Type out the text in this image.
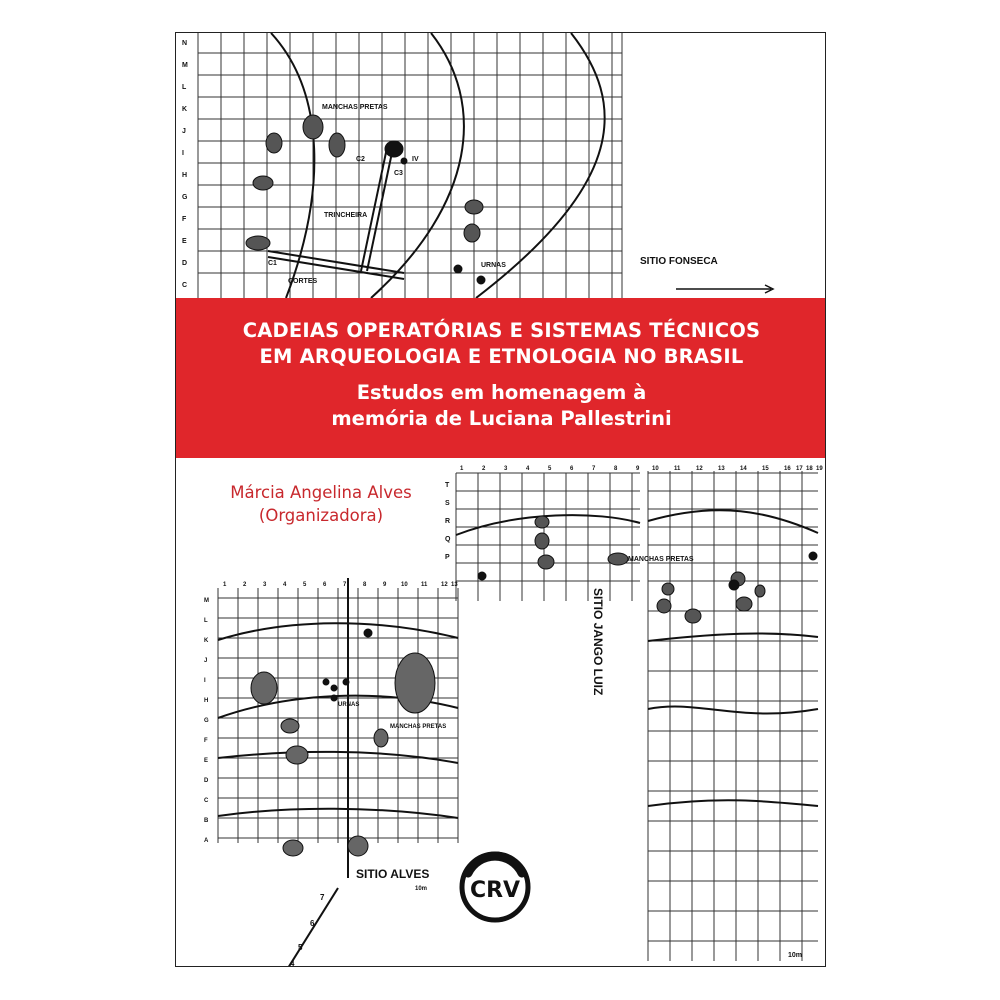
MANCHAS PRETAS
TRINCHEIRA
URNAS
CORTES
C2
C3
C1
IV
N
M
L
K
J
I
H
G
F
E
D
C
SITIO FONSECA
CADEIAS OPERATÓRIAS E SISTEMAS TÉCNICOS
EM ARQUEOLOGIA E ETNOLOGIA NO BRASIL
Estudos em homenagem à
memória de Luciana Pallestrini
Márcia Angelina Alves
(Organizadora)
MANCHAS PRETAS
10m
T
S
R
Q
P
1	2	3	4	5	6	7	8	9 10	11	12	13	14	15	16 17 18 19
SITIO JANGO LUIZ
URNAS
MANCHAS PRETAS
10m
M
L
K
J
I
H
G
F
E
D
C
B
A
1	2	3	4	5	6	7	8	9 10 11 12 13
7
6
5
4
SITIO ALVES
CRV
